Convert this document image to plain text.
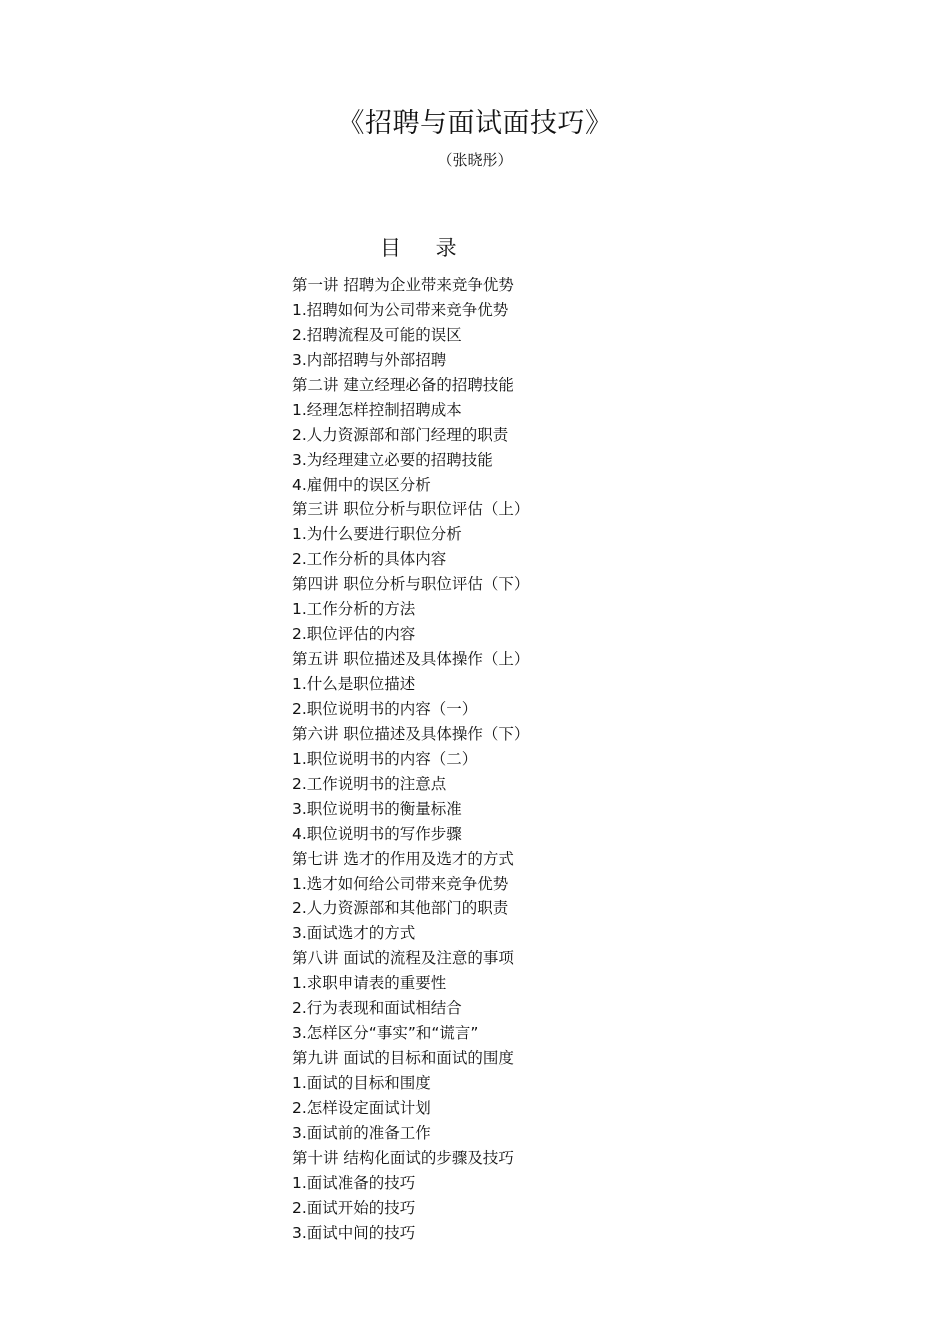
《招聘与面试面技巧》
（张晓彤）
目 录
第一讲 招聘为企业带来竞争优势
1.招聘如何为公司带来竞争优势
2.招聘流程及可能的误区
3.内部招聘与外部招聘
第二讲 建立经理必备的招聘技能
1.经理怎样控制招聘成本
2.人力资源部和部门经理的职责
3.为经理建立必要的招聘技能
4.雇佣中的误区分析
第三讲 职位分析与职位评估（上）
1.为什么要进行职位分析
2.工作分析的具体内容
第四讲 职位分析与职位评估（下）
1.工作分析的方法
2.职位评估的内容
第五讲 职位描述及具体操作（上）
1.什么是职位描述
2.职位说明书的内容（一）
第六讲 职位描述及具体操作（下）
1.职位说明书的内容（二）
2.工作说明书的注意点
3.职位说明书的衡量标准
4.职位说明书的写作步骤
第七讲 选才的作用及选才的方式
1.选才如何给公司带来竞争优势
2.人力资源部和其他部门的职责
3.面试选才的方式
第八讲 面试的流程及注意的事项
1.求职申请表的重要性
2.行为表现和面试相结合
3.怎样区分“事实”和“谎言”
第九讲 面试的目标和面试的围度
1.面试的目标和围度
2.怎样设定面试计划
3.面试前的准备工作
第十讲 结构化面试的步骤及技巧
1.面试准备的技巧
2.面试开始的技巧
3.面试中间的技巧
